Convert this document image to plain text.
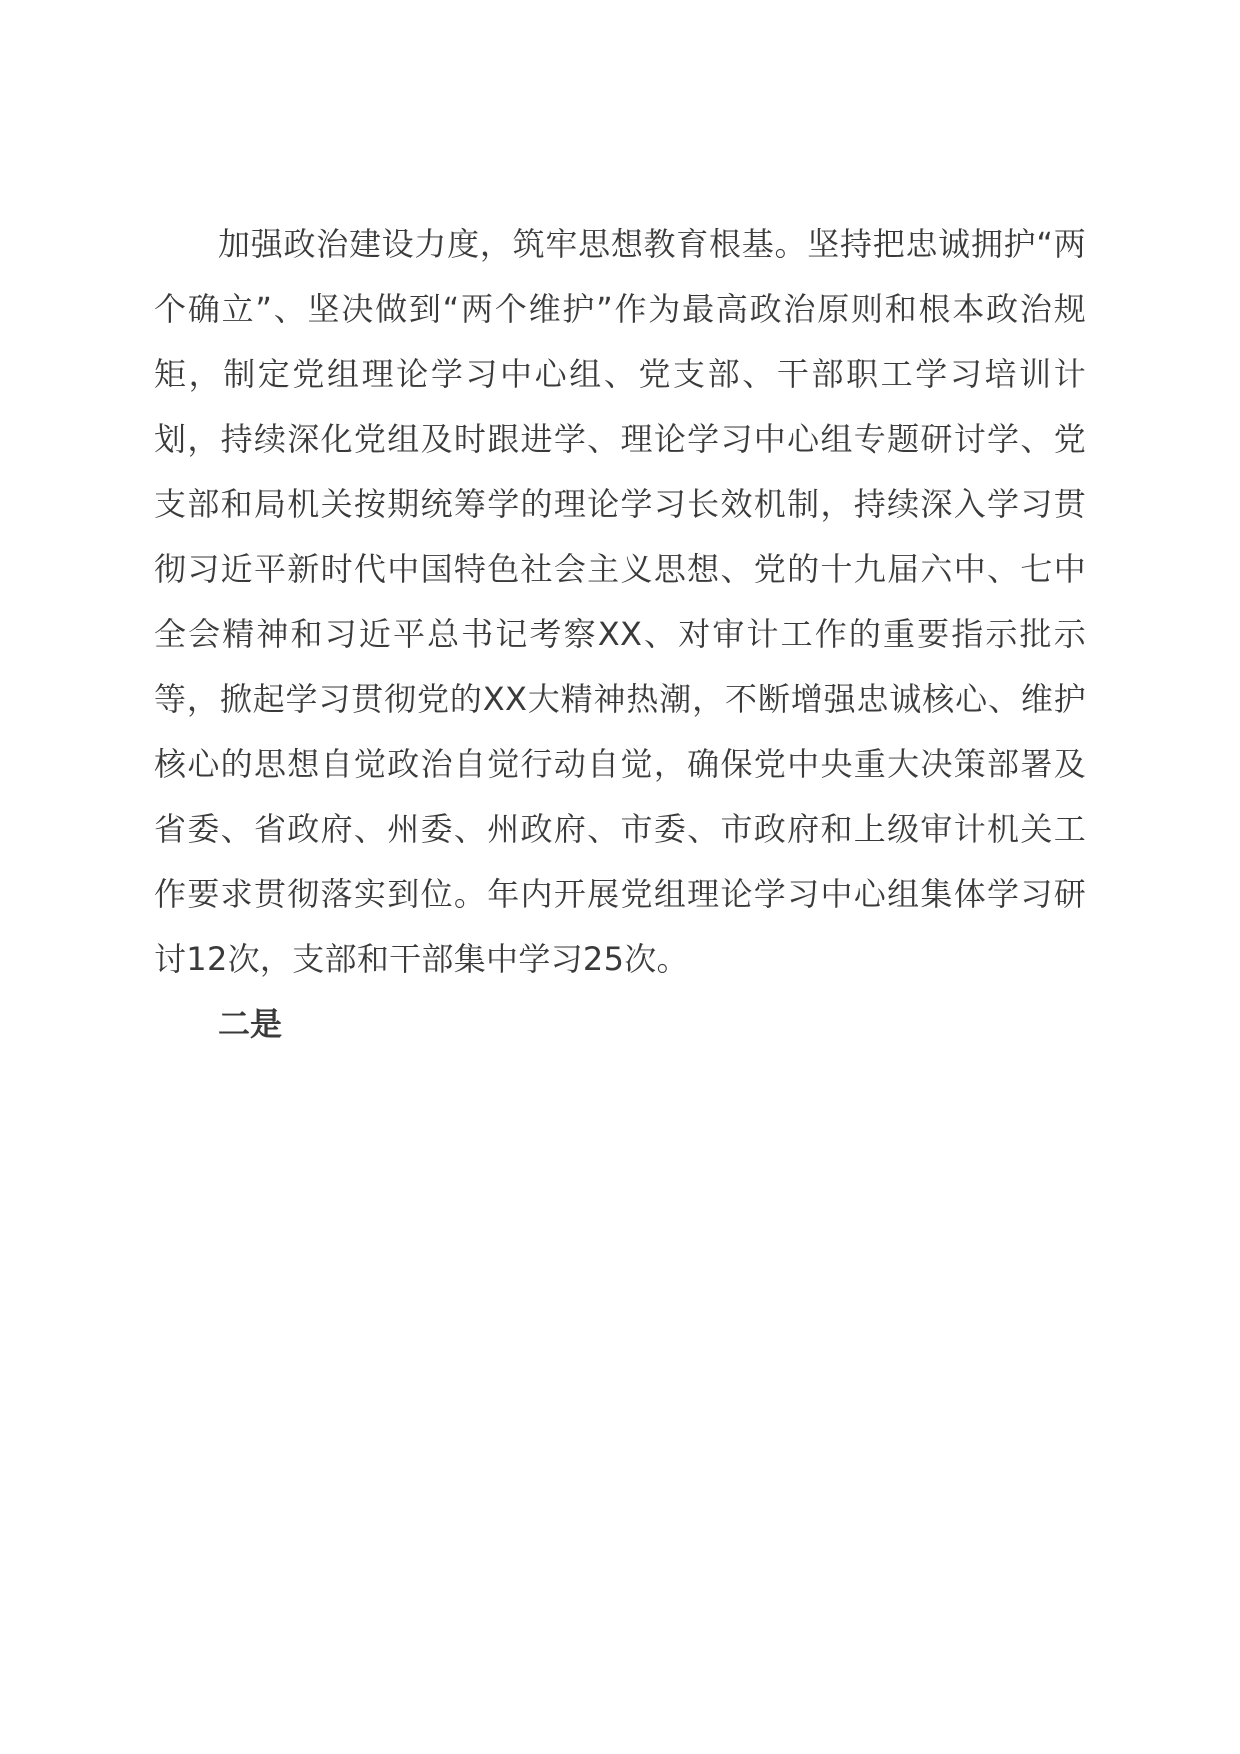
加强政治建设力度，筑牢思想教育根基。坚持把忠诚拥护“两个确立”、坚决做到“两个维护”作为最高政治原则和根本政治规矩，制定党组理论学习中心组、党支部、干部职工学习培训计划，持续深化党组及时跟进学、理论学习中心组专题研讨学、党支部和局机关按期统筹学的理论学习长效机制，持续深入学习贯彻习近平新时代中国特色社会主义思想、党的十九届六中、七中全会精神和习近平总书记考察XX、对审计工作的重要指示批示等，掀起学习贯彻党的XX大精神热潮，不断增强忠诚核心、维护核心的思想自觉政治自觉行动自觉，确保党中央重大决策部署及省委、省政府、州委、州政府、市委、市政府和上级审计机关工作要求贯彻落实到位。年内开展党组理论学习中心组集体学习研讨12次，支部和干部集中学习25次。

二是
